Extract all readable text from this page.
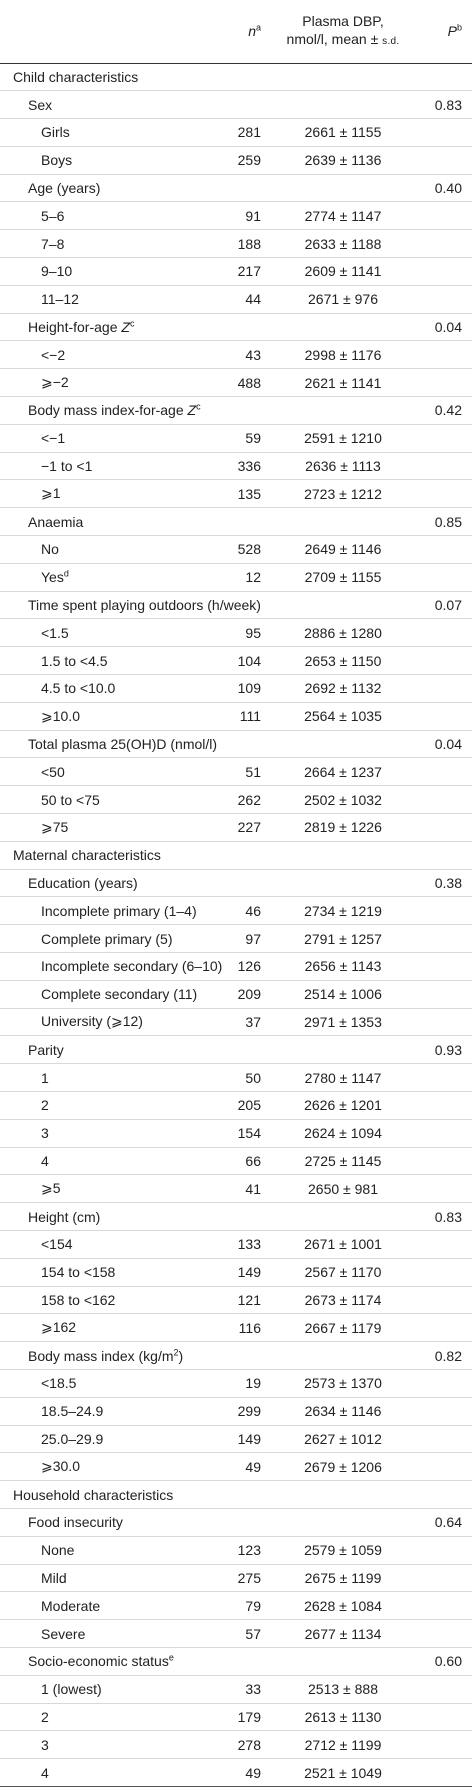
	$n^a$	Plasma DBP,
nmol/l, mean ± s.d.	$P^b$
Child characteristics			
Sex			0.83
Girls	281	2661 ± 1155	
Boys	259	2639 ± 1136	
Age (years)			0.40
5–6	91	2774 ± 1147	
7–8	188	2633 ± 1188	
9–10	217	2609 ± 1141	
11–12	44	2671 ± 976	
Height-for-age $Z^c$			0.04
<−2	43	2998 ± 1176	
⩾−2	488	2621 ± 1141	
Body mass index-for-age $Z^c$			0.42
<−1	59	2591 ± 1210	
−1 to <1	336	2636 ± 1113	
⩾1	135	2723 ± 1212	
Anaemia			0.85
No	528	2649 ± 1146	
Yes$^d$	12	2709 ± 1155	
Time spent playing outdoors (h/week)			0.07
<1.5	95	2886 ± 1280	
1.5 to <4.5	104	2653 ± 1150	
4.5 to <10.0	109	2692 ± 1132	
⩾10.0	111	2564 ± 1035	
Total plasma 25(OH)D (nmol/l)			0.04
<50	51	2664 ± 1237	
50 to <75	262	2502 ± 1032	
⩾75	227	2819 ± 1226	
Maternal characteristics			
Education (years)			0.38
Incomplete primary (1–4)	46	2734 ± 1219	
Complete primary (5)	97	2791 ± 1257	
Incomplete secondary (6–10)	126	2656 ± 1143	
Complete secondary (11)	209	2514 ± 1006	
University (⩾12)	37	2971 ± 1353	
Parity			0.93
1	50	2780 ± 1147	
2	205	2626 ± 1201	
3	154	2624 ± 1094	
4	66	2725 ± 1145	
⩾5	41	2650 ± 981	
Height (cm)			0.83
<154	133	2671 ± 1001	
154 to <158	149	2567 ± 1170	
158 to <162	121	2673 ± 1174	
⩾162	116	2667 ± 1179	
Body mass index $(kg/m^2)$			0.82
<18.5	19	2573 ± 1370	
18.5–24.9	299	2634 ± 1146	
25.0–29.9	149	2627 ± 1012	
⩾30.0	49	2679 ± 1206	
Household characteristics			
Food insecurity			0.64
None	123	2579 ± 1059	
Mild	275	2675 ± 1199	
Moderate	79	2628 ± 1084	
Severe	57	2677 ± 1134	
Socio-economic status$^e$			0.60
1 (lowest)	33	2513 ± 888	
2	179	2613 ± 1130	
3	278	2712 ± 1199	
4	49	2521 ± 1049	
